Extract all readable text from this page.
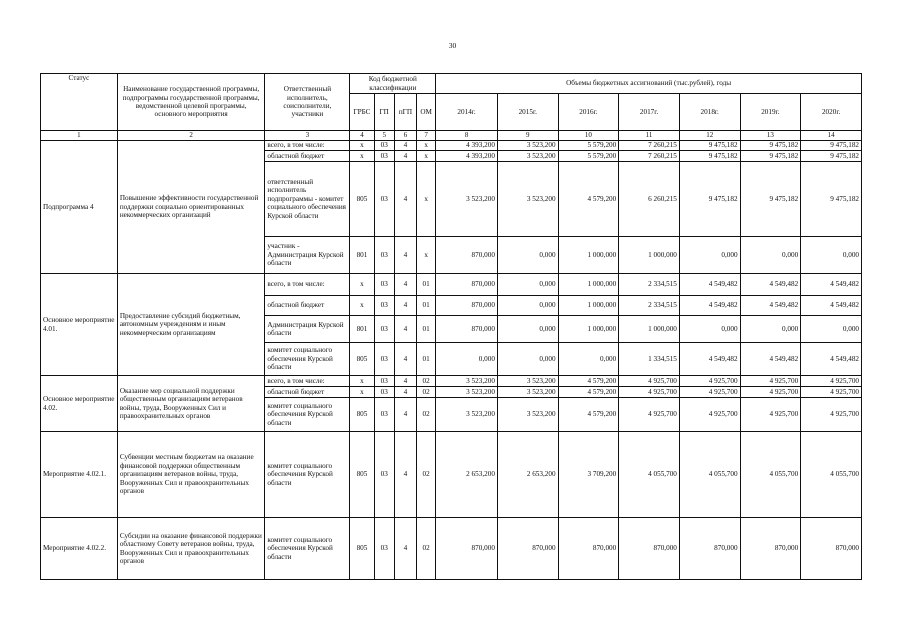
30
Статус	Наименование государственной программы, подпрограммы государственной программы, ведомственной целевой программы, основного мероприятия	Ответственный исполнитель, соисполнители, участники	Код бюджетной классификации				Объемы бюджетных ассигнований (тыс.рублей), годы						
			ГРБС	ГП	пГП	ОМ	2014г.	2015г.	2016г.	2017г.	2018г.	2019г.	2020г.
1	2	3	4	5	6	7	8	9	10	11	12	13	14
Подпрограмма 4	Повышение эффективности государственной поддержки социально ориентированных некоммерческих организаций	всего, в том числе:	x	03	4	x	4 393,200	3 523,200	5 579,200	7 260,215	9 475,182	9 475,182	9 475,182
		областной бюджет	x	03	4	x	4 393,200	3 523,200	5 579,200	7 260,215	9 475,182	9 475,182	9 475,182
		ответственный исполнитель подпрограммы - комитет социального обеспечения Курской области	805	03	4	x	3 523,200	3 523,200	4 579,200	6 260,215	9 475,182	9 475,182	9 475,182
		участник - Администрация Курской области	801	03	4	x	870,000	0,000	1 000,000	1 000,000	0,000	0,000	0,000
Основное мероприятие 4.01.	Предоставление субсидий бюджетным, автономным учреждениям и иным некоммерческим организациям	всего, в том числе:	x	03	4	01	870,000	0,000	1 000,000	2 334,515	4 549,482	4 549,482	4 549,482
		областной бюджет	x	03	4	01	870,000	0,000	1 000,000	2 334,515	4 549,482	4 549,482	4 549,482
		Администрация Курской области	801	03	4	01	870,000	0,000	1 000,000	1 000,000	0,000	0,000	0,000
		комитет социального обеспечения Курской области	805	03	4	01	0,000	0,000	0,000	1 334,515	4 549,482	4 549,482	4 549,482
Основное мероприятие 4.02.	Оказание мер социальной поддержки общественным организациям ветеранов войны, труда, Вооруженных Сил и правоохранительных органов	всего, в том числе:	x	03	4	02	3 523,200	3 523,200	4 579,200	4 925,700	4 925,700	4 925,700	4 925,700
		областной бюджет	x	03	4	02	3 523,200	3 523,200	4 579,200	4 925,700	4 925,700	4 925,700	4 925,700
		комитет социального обеспечения Курской области	805	03	4	02	3 523,200	3 523,200	4 579,200	4 925,700	4 925,700	4 925,700	4 925,700
Мероприятие 4.02.1.	Субвенции местным бюджетам на оказание финансовой поддержки общественным организациям ветеранов войны, труда, Вооруженных Сил и правоохранительных органов	комитет социального обеспечения Курской области	805	03	4	02	2 653,200	2 653,200	3 709,200	4 055,700	4 055,700	4 055,700	4 055,700
Мероприятие 4.02.2.	Субсидии на оказание финансовой поддержки областному Совету ветеранов войны, труда, Вооруженных Сил и правоохранительных органов	комитет социального обеспечения Курской области	805	03	4	02	870,000	870,000	870,000	870,000	870,000	870,000	870,000
